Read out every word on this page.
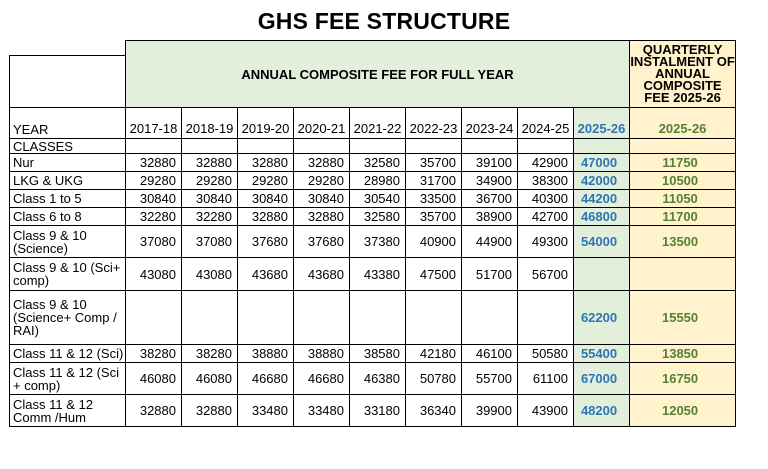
GHS FEE STRUCTURE
	ANNUAL COMPOSITE FEE FOR FULL YEAR									QUARTERLY INSTALMENT OF ANNUAL COMPOSITE FEE 2025-26

YEAR	2017-18	2018-19	2019-20	2020-21	2021-22	2022-23	2023-24	2024-25	2025-26	2025-26
CLASSES										
Nur	32880	32880	32880	32880	32580	35700	39100	42900	47000	11750
LKG & UKG	29280	29280	29280	29280	28980	31700	34900	38300	42000	10500
Class 1 to 5	30840	30840	30840	30840	30540	33500	36700	40300	44200	11050
Class 6 to 8	32280	32280	32880	32880	32580	35700	38900	42700	46800	11700
Class 9 & 10 (Science)	37080	37080	37680	37680	37380	40900	44900	49300	54000	13500
Class 9 & 10 (Sci+ comp)	43080	43080	43680	43680	43380	47500	51700	56700		
Class 9 & 10 (Science+ Comp / RAI)									62200	15550
Class 11 & 12 (Sci)	38280	38280	38880	38880	38580	42180	46100	50580	55400	13850
Class 11 & 12 (Sci + comp)	46080	46080	46680	46680	46380	50780	55700	61100	67000	16750
Class 11 & 12 Comm /Hum	32880	32880	33480	33480	33180	36340	39900	43900	48200	12050
